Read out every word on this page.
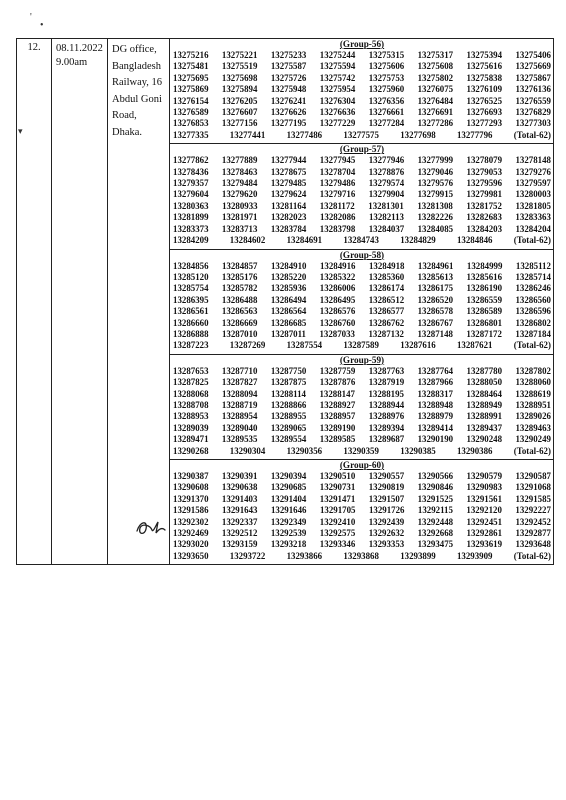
'
•
▾
12.	08.11.2022
9.00am

DG office,
Bangladesh
Railway, 16
Abdul Goni
Road,
Dhaka.

(Group-56)
13275216 13275221 13275233 13275244 13275315 13275317 13275394 13275406
13275481 13275519 13275587 13275594 13275606 13275608 13275616 13275669
13275695 13275698 13275726 13275742 13275753 13275802 13275838 13275867
13275869 13275894 13275948 13275954 13275960 13276075 13276109 13276136
13276154 13276205 13276241 13276304 13276356 13276484 13276525 13276559
13276589 13276607 13276626 13276636 13276661 13276691 13276693 13276829
13276853 13277156 13277195 13277229 13277284 13277286 13277293 13277303
13277335 13277441 13277486 13277575 13277698 13277796 (Total-62)
(Group-57)
13277862 13277889 13277944 13277945 13277946 13277999 13278079 13278148
13278436 13278463 13278675 13278704 13278876 13279046 13279053 13279276
13279357 13279484 13279485 13279486 13279574 13279576 13279596 13279597
13279604 13279620 13279624 13279716 13279904 13279915 13279981 13280003
13280363 13280933 13281164 13281172 13281301 13281308 13281752 13281805
13281899 13281971 13282023 13282086 13282113 13282226 13282683 13283363
13283373 13283713 13283784 13283798 13284037 13284085 13284203 13284204
13284209 13284602 13284691 13284743 13284829 13284846 (Total-62)
(Group-58)
13284856 13284857 13284910 13284916 13284918 13284961 13284999 13285112
13285120 13285176 13285220 13285322 13285360 13285613 13285616 13285714
13285754 13285782 13285936 13286006 13286174 13286175 13286190 13286246
13286395 13286488 13286494 13286495 13286512 13286520 13286559 13286560
13286561 13286563 13286564 13286576 13286577 13286578 13286589 13286596
13286660 13286669 13286685 13286760 13286762 13286767 13286801 13286802
13286888 13287010 13287011 13287033 13287132 13287148 13287172 13287184
13287223 13287269 13287554 13287589 13287616 13287621 (Total-62)
(Group-59)
13287653 13287710 13287750 13287759 13287763 13287764 13287780 13287802
13287825 13287827 13287875 13287876 13287919 13287966 13288050 13288060
13288068 13288094 13288114 13288147 13288195 13288317 13288464 13288619
13288708 13288719 13288866 13288927 13288944 13288948 13288949 13288951
13288953 13288954 13288955 13288957 13288976 13288979 13288991 13289026
13289039 13289040 13289065 13289190 13289394 13289414 13289437 13289463
13289471 13289535 13289554 13289585 13289687 13290190 13290248 13290249
13290268 13290304 13290356 13290359 13290385 13290386 (Total-62)
(Group-60)
13290387 13290391 13290394 13290510 13290557 13290566 13290579 13290587
13290608 13290638 13290685 13290731 13290819 13290846 13290983 13291068
13291370 13291403 13291404 13291471 13291507 13291525 13291561 13291585
13291586 13291643 13291646 13291705 13291726 13292115 13292120 13292227
13292302 13292337 13292349 13292410 13292439 13292448 13292451 13292452
13292469 13292512 13292539 13292575 13292632 13292668 13292861 13292877
13293020 13293159 13293218 13293346 13293353 13293475 13293619 13293648
13293650 13293722 13293866 13293868 13293899 13293909 (Total-62)
